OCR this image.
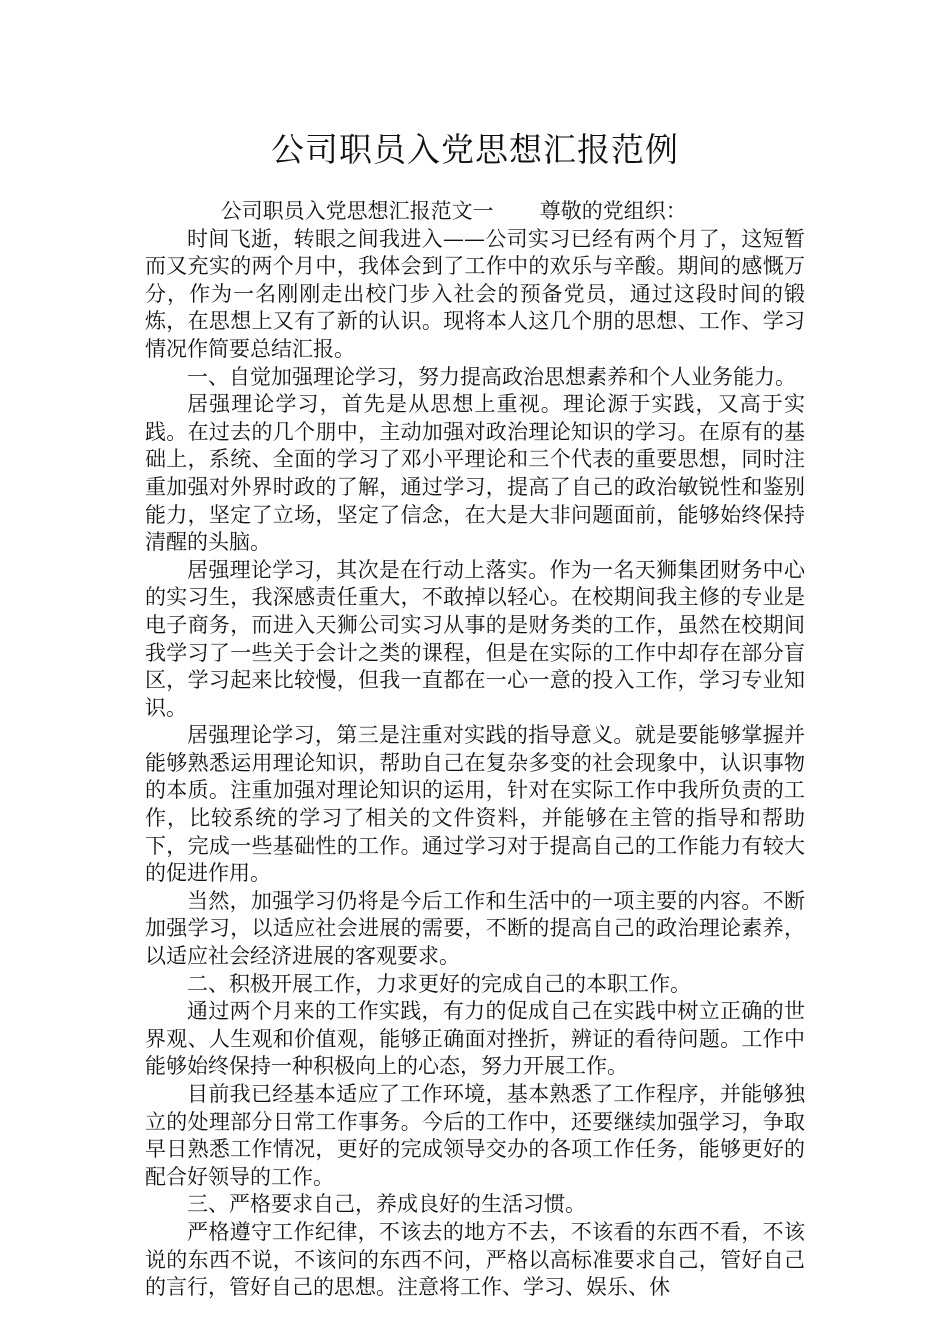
公司职员入党思想汇报范例

公司职员入党思想汇报范文一 尊敬的党组织：

时间飞逝，转眼之间我进入——公司实习已经有两个月了，这短暂而又充实的两个月中，我体会到了工作中的欢乐与辛酸。期间的感慨万分，作为一名刚刚走出校门步入社会的预备党员，通过这段时间的锻炼，在思想上又有了新的认识。现将本人这几个朋的思想、工作、学习情况作简要总结汇报。

一、自觉加强理论学习，努力提高政治思想素养和个人业务能力。

居强理论学习，首先是从思想上重视。理论源于实践，又高于实践。在过去的几个朋中，主动加强对政治理论知识的学习。在原有的基础上，系统、全面的学习了邓小平理论和三个代表的重要思想，同时注重加强对外界时政的了解，通过学习，提高了自己的政治敏锐性和鉴别能力，坚定了立场，坚定了信念，在大是大非问题面前，能够始终保持清醒的头脑。

居强理论学习，其次是在行动上落实。作为一名天狮集团财务中心的实习生，我深感责任重大，不敢掉以轻心。在校期间我主修的专业是电子商务，而进入天狮公司实习从事的是财务类的工作，虽然在校期间我学习了一些关于会计之类的课程，但是在实际的工作中却存在部分盲区，学习起来比较慢，但我一直都在一心一意的投入工作，学习专业知识。

居强理论学习，第三是注重对实践的指导意义。就是要能够掌握并能够熟悉运用理论知识，帮助自己在复杂多变的社会现象中，认识事物的本质。注重加强对理论知识的运用，针对在实际工作中我所负责的工作，比较系统的学习了相关的文件资料，并能够在主管的指导和帮助下，完成一些基础性的工作。通过学习对于提高自己的工作能力有较大的促进作用。

当然，加强学习仍将是今后工作和生活中的一项主要的内容。不断加强学习，以适应社会进展的需要，不断的提高自己的政治理论素养，以适应社会经济进展的客观要求。

二、积极开展工作，力求更好的完成自己的本职工作。

通过两个月来的工作实践，有力的促成自己在实践中树立正确的世界观、人生观和价值观，能够正确面对挫折，辨证的看待问题。工作中能够始终保持一种积极向上的心态，努力开展工作。

目前我已经基本适应了工作环境，基本熟悉了工作程序，并能够独立的处理部分日常工作事务。今后的工作中，还要继续加强学习，争取早日熟悉工作情况，更好的完成领导交办的各项工作任务，能够更好的配合好领导的工作。

三、严格要求自己，养成良好的生活习惯。

严格遵守工作纪律，不该去的地方不去，不该看的东西不看，不该说的东西不说，不该问的东西不问，严格以高标准要求自己，管好自己的言行，管好自己的思想。注意将工作、学习、娱乐、休
